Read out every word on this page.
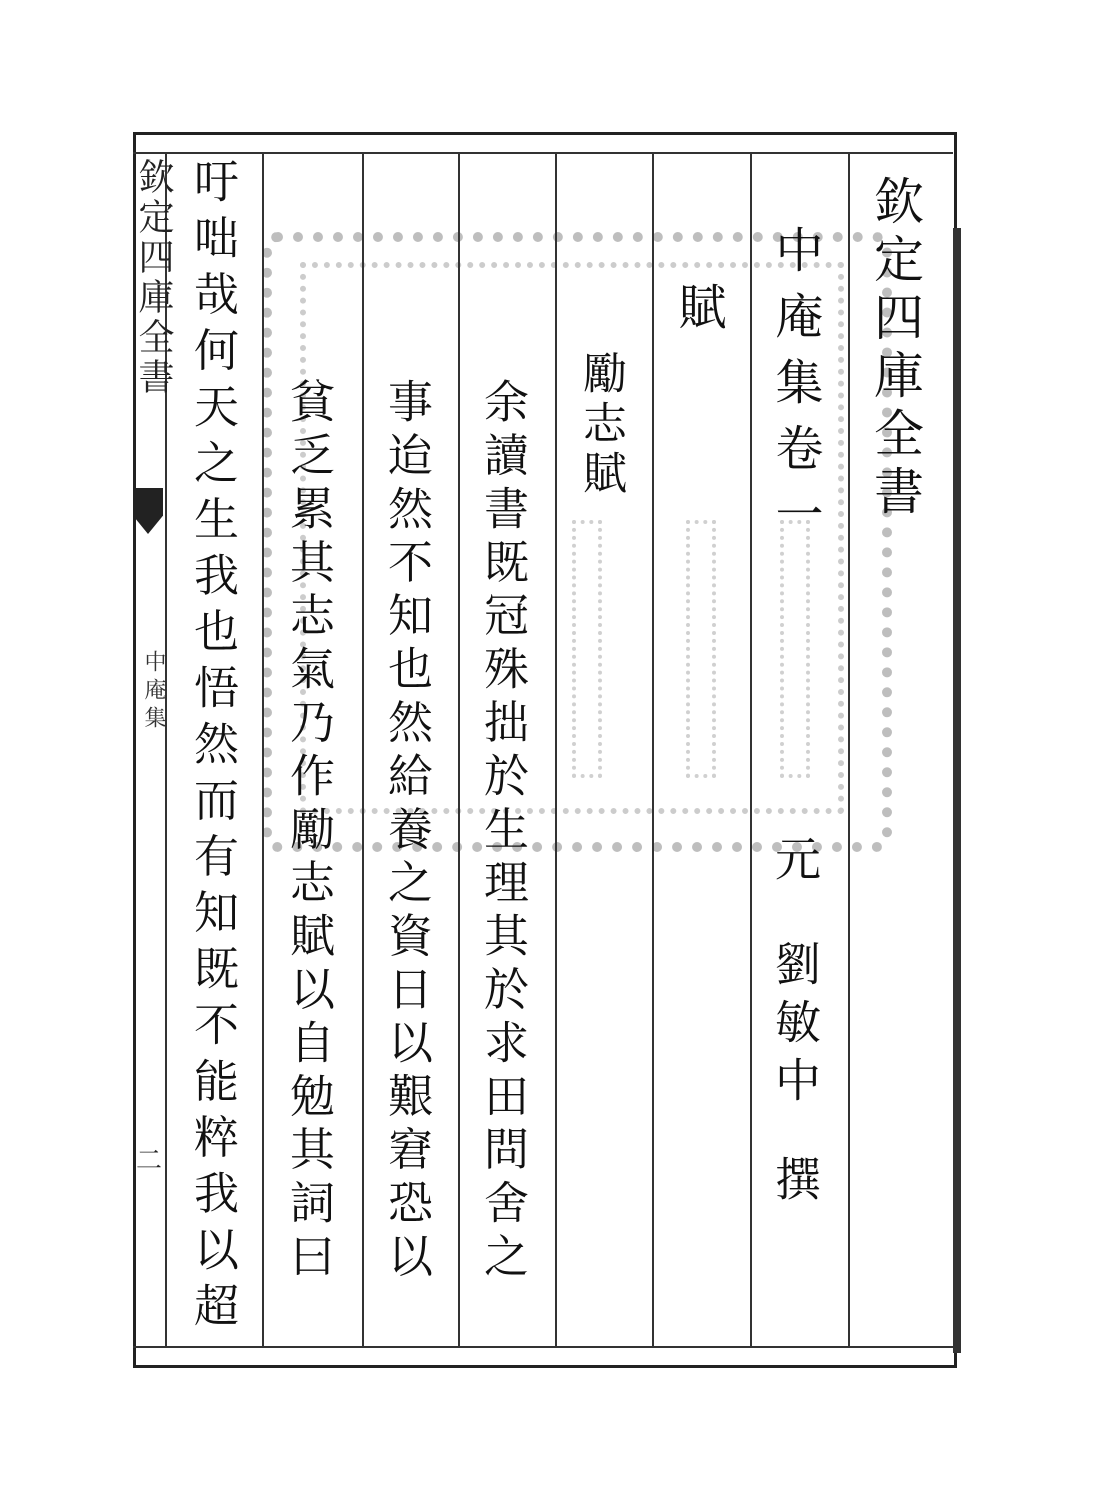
欽定四庫全書
中庵集
二
欽定四庫全書
中庵集卷一
元
劉敏中
撰
賦
勵志賦
余讀書既冠殊拙於生理其於求田問舍之
事迨然不知也然給養之資日以艱窘恐以
貧乏累其志氣乃作勵志賦以自勉其詞曰
吁咄哉何天之生我也悟然而有知既不能粹我以超
